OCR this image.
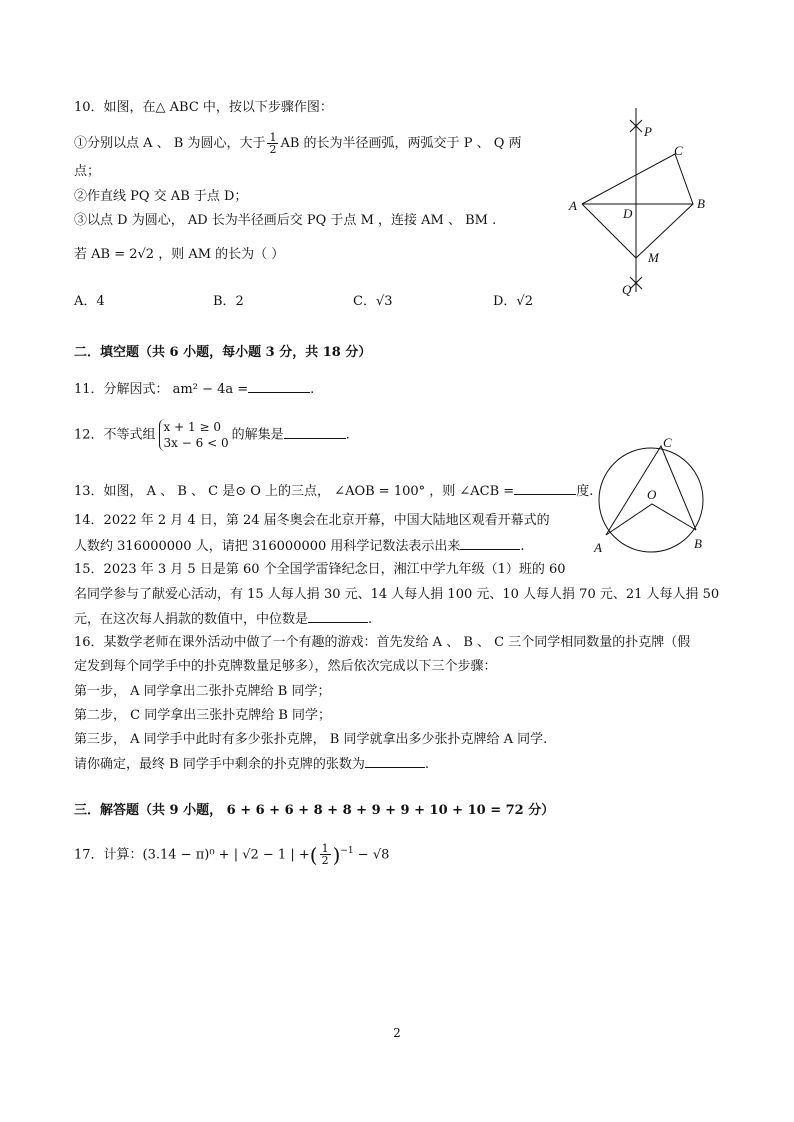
10．如图，在△ ABC 中，按以下步骤作图：
①分别以点 A 、 B 为圆心，大于 $\frac{1}{2}$ AB 的长为半径画弧，两弧交于 P 、 Q 两
点；
②作直线 PQ 交 AB 于点 D；
③以点 D 为圆心， AD 长为半径画后交 PQ 于点 M ，连接 AM 、 BM .
若 AB = 2√2 ，则 AM 的长为（ ）
A．4	B．2	C．√3	D．√2
P
C
A
D
B
M
Q
二．填空题（共 6 小题，每小题 3 分，共 18 分）
11．分解因式： am² − 4a =	.
12．不等式组
x + 1 ≥ 0
3x − 6 < 0
的解集是	.
13．如图， A 、 B 、 C 是⊙ O 上的三点， ∠AOB = 100° ，则 ∠ACB =	度.
C
O
A	B
14．2022 年 2 月 4 日，第 24 届冬奥会在北京开幕，中国大陆地区观看开幕式的
人数约 316000000 人，请把 316000000 用科学记数法表示出来	.
15．2023 年 3 月 5 日是第 60 个全国学雷锋纪念日，湘江中学九年级（1）班的 60
名同学参与了献爱心活动，有 15 人每人捐 30 元、14 人每人捐 100 元、10 人每人捐 70 元、21 人每人捐 50
元，在这次每人捐款的数值中，中位数是	.
16．某数学老师在课外活动中做了一个有趣的游戏：首先发给 A 、 B 、 C 三个同学相同数量的扑克牌（假
定发到每个同学手中的扑克牌数量足够多），然后依次完成以下三个步骤：
第一步， A 同学拿出二张扑克牌给 B 同学；
第二步， C 同学拿出三张扑克牌给 B 同学；
第三步， A 同学手中此时有多少张扑克牌， B 同学就拿出多少张扑克牌给 A 同学.
请你确定，最终 B 同学手中剩余的扑克牌的张数为	.
三．解答题（共 9 小题， 6 + 6 + 6 + 8 + 8 + 9 + 9 + 10 + 10 = 72 分）
17．计算：(3.14 − π)⁰ + | √2 − 1 | +( $\frac{1}{2} )^{-1} - √8$
2
